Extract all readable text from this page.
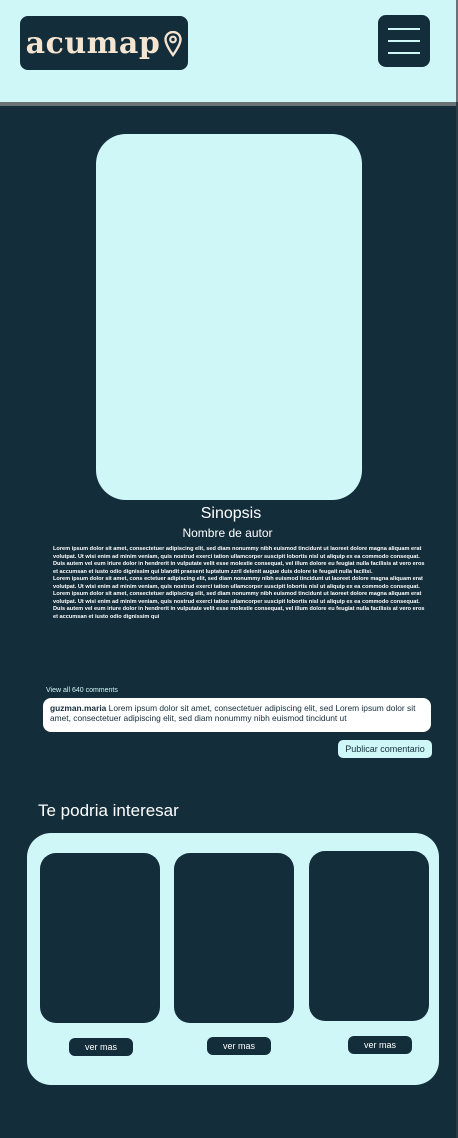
acumap
Sinopsis
Nombre de autor

Lorem ipsum dolor sit amet, consectetuer adipiscing elit, sed diam nonummy nibh euismod tincidunt ut laoreet dolore magna aliquam erat volutpat. Ut wisi enim ad minim veniam, quis nostrud exerci tation ullamcorper suscipit lobortis nisl ut aliquip ex ea commodo consequat. Duis autem vel eum iriure dolor in hendrerit in vulputate velit esse molestie consequat, vel illum dolore eu feugiat nulla facilisis at vero eros et accumsan et iusto odio dignissim qui blandit praesent luptatum zzril delenit augue duis dolore te feugait nulla facilisi.

Lorem ipsum dolor sit amet, cons ectetuer adipiscing elit, sed diam nonummy nibh euismod tincidunt ut laoreet dolore magna aliquam erat volutpat. Ut wisi enim ad minim veniam, quis nostrud exerci tation ullamcorper suscipit lobortis nisl ut aliquip ex ea commodo consequat.

Lorem ipsum dolor sit amet, consectetuer adipiscing elit, sed diam nonummy nibh euismod tincidunt ut laoreet dolore magna aliquam erat volutpat. Ut wisi enim ad minim veniam, quis nostrud exerci tation ullamcorper suscipit lobortis nisl ut aliquip ex ea commodo consequat. Duis autem vel eum iriure dolor in hendrerit in vulputate velit esse molestie consequat, vel illum dolore eu feugiat nulla facilisis at vero eros et accumsan et iusto odio dignissim qui

View all 640 comments
guzman.maria Lorem ipsum dolor sit amet, consectetuer adipiscing elit, sed Lorem ipsum dolor sit amet, consectetuer adipiscing elit, sed diam nonummy nibh euismod tincidunt ut
Publicar comentario
Te podria interesar
ver mas	ver mas	ver mas
